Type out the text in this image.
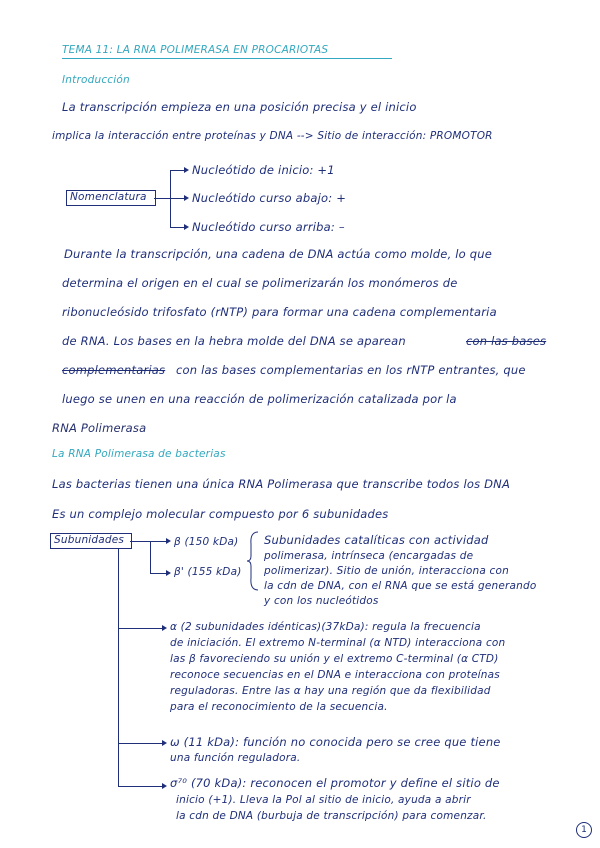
TEMA 11: LA RNA POLIMERASA EN PROCARIOTAS
Introducción
La transcripción empieza en una posición precisa y el inicio
implica la interacción entre proteínas y DNA --> Sitio de interacción: PROMOTOR
Nomenclatura
Nucleótido de inicio: +1
Nucleótido curso abajo: +
Nucleótido curso arriba: –
Durante la transcripción, una cadena de DNA actúa como molde, lo que
determina el origen en el cual se polimerizarán los monómeros de
ribonucleósido trifosfato (rNTP) para formar una cadena complementaria
de RNA. Los bases en la hebra molde del DNA se aparean	con las bases
complementarias con las bases complementarias en los rNTP entrantes, que
luego se unen en una reacción de polimerización catalizada por la
RNA Polimerasa
La RNA Polimerasa de bacterias
Las bacterias tienen una única RNA Polimerasa que transcribe todos los DNA
Es un complejo molecular compuesto por 6 subunidades
Subunidades	β (150 kDa)
β' (155 kDa)
Subunidades catalíticas con actividad
polimerasa, intrínseca (encargadas de
polimerizar). Sitio de unión, interacciona con
la cdn de DNA, con el RNA que se está generando
y con los nucleótidos
α (2 subunidades idénticas)(37kDa): regula la frecuencia
de iniciación. El extremo N-terminal (α NTD) interacciona con
las β favoreciendo su unión y el extremo C-terminal (α CTD)
reconoce secuencias en el DNA e interacciona con proteínas
reguladoras. Entre las α hay una región que da flexibilidad
para el reconocimiento de la secuencia.
ω (11 kDa): función no conocida pero se cree que tiene
una función reguladora.
σ⁷⁰ (70 kDa): reconocen el promotor y define el sitio de
inicio (+1). Lleva la Pol al sitio de inicio, ayuda a abrir
la cdn de DNA (burbuja de transcripción) para comenzar.
1
